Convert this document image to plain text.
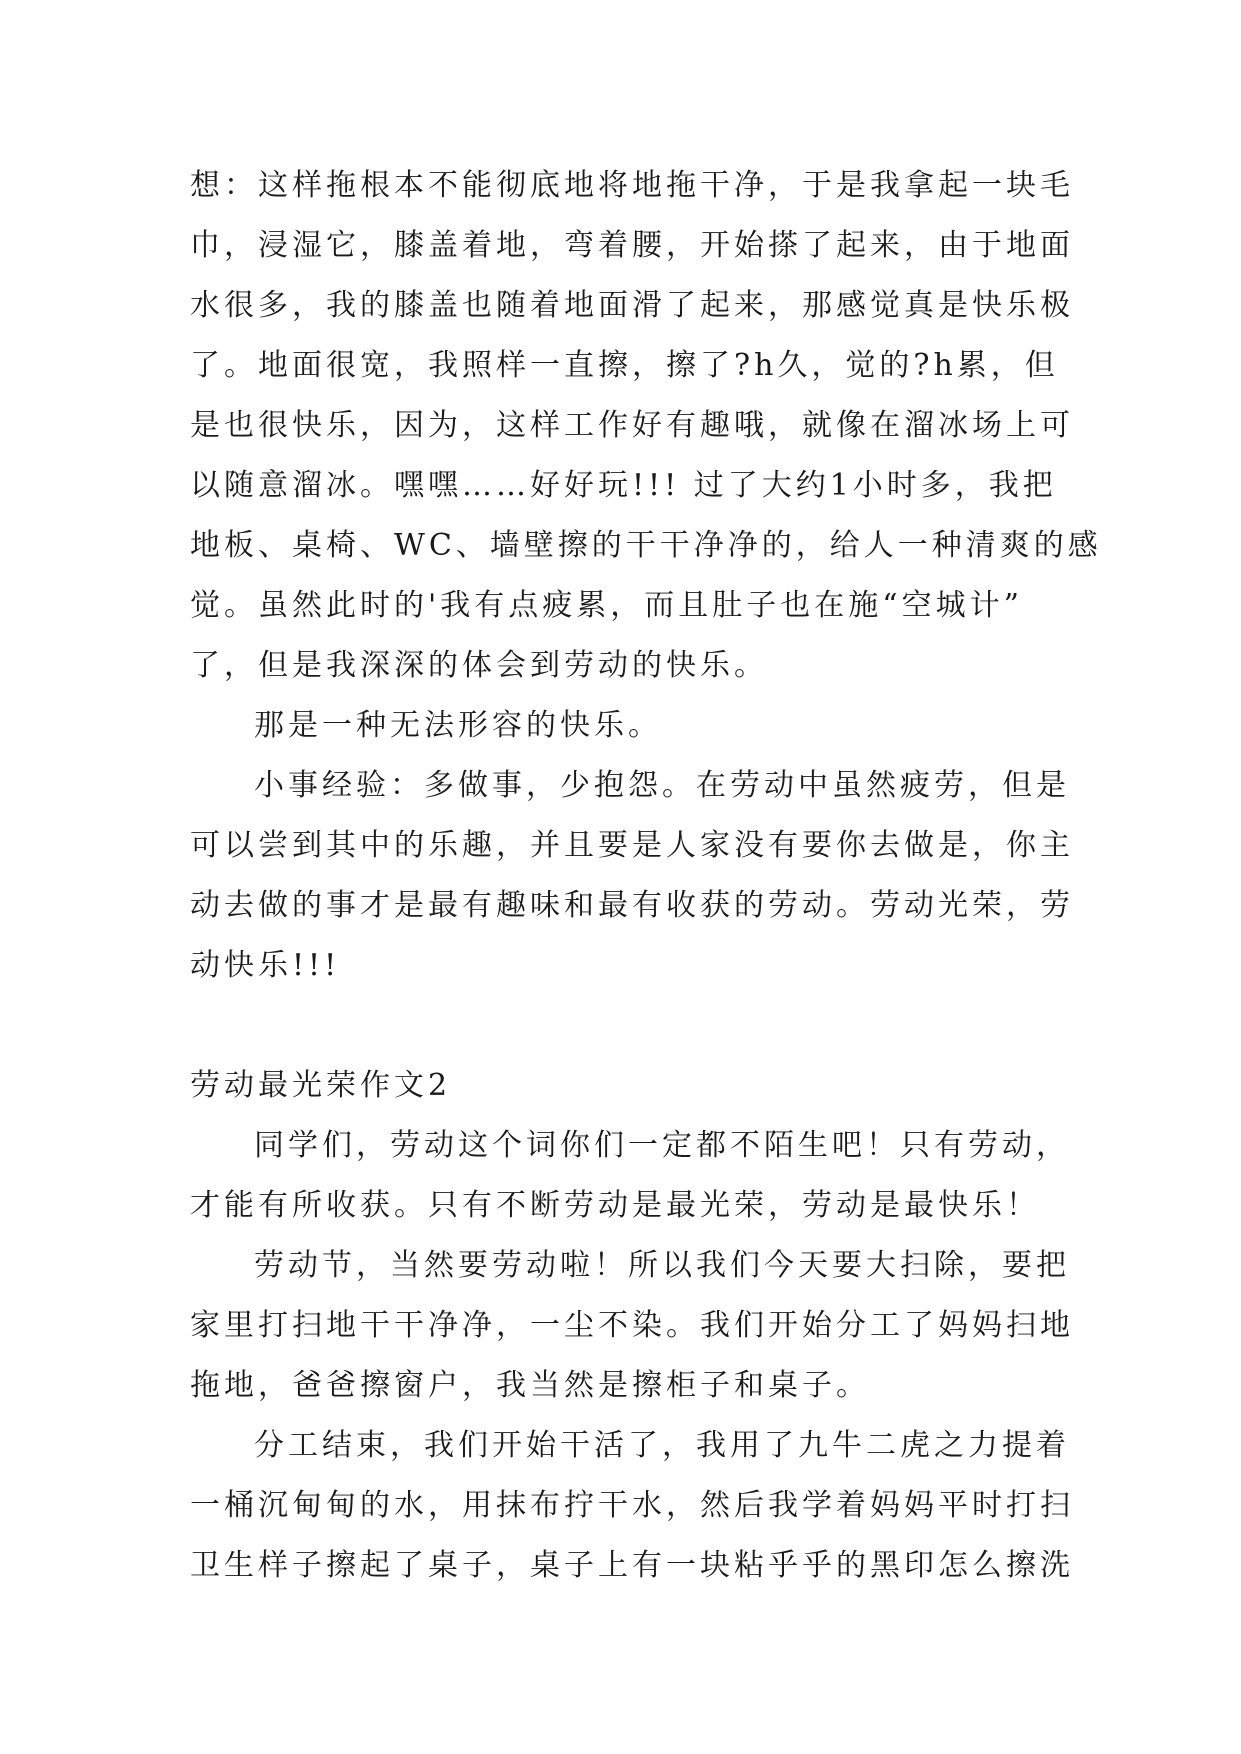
想：这样拖根本不能彻底地将地拖干净，于是我拿起一块毛

巾，浸湿它，膝盖着地，弯着腰，开始搽了起来，由于地面

水很多，我的膝盖也随着地面滑了起来，那感觉真是快乐极

了。地面很宽，我照样一直擦，擦了?h久，觉的?h累，但

是也很快乐，因为，这样工作好有趣哦，就像在溜冰场上可

以随意溜冰。嘿嘿……好好玩!!! 过了大约1小时多，我把

地板、桌椅、WC、墙壁擦的干干净净的，给人一种清爽的感

觉。虽然此时的'我有点疲累，而且肚子也在施“空城计”

了，但是我深深的体会到劳动的快乐。

那是一种无法形容的快乐。

小事经验：多做事，少抱怨。在劳动中虽然疲劳，但是

可以尝到其中的乐趣，并且要是人家没有要你去做是，你主

动去做的事才是最有趣味和最有收获的劳动。劳动光荣，劳

动快乐!!!

劳动最光荣作文2

同学们，劳动这个词你们一定都不陌生吧！只有劳动，

才能有所收获。只有不断劳动是最光荣，劳动是最快乐！

劳动节，当然要劳动啦！所以我们今天要大扫除，要把

家里打扫地干干净净，一尘不染。我们开始分工了妈妈扫地

拖地，爸爸擦窗户，我当然是擦柜子和桌子。

分工结束，我们开始干活了，我用了九牛二虎之力提着

一桶沉甸甸的水，用抹布拧干水，然后我学着妈妈平时打扫

卫生样子擦起了桌子，桌子上有一块粘乎乎的黑印怎么擦洗
